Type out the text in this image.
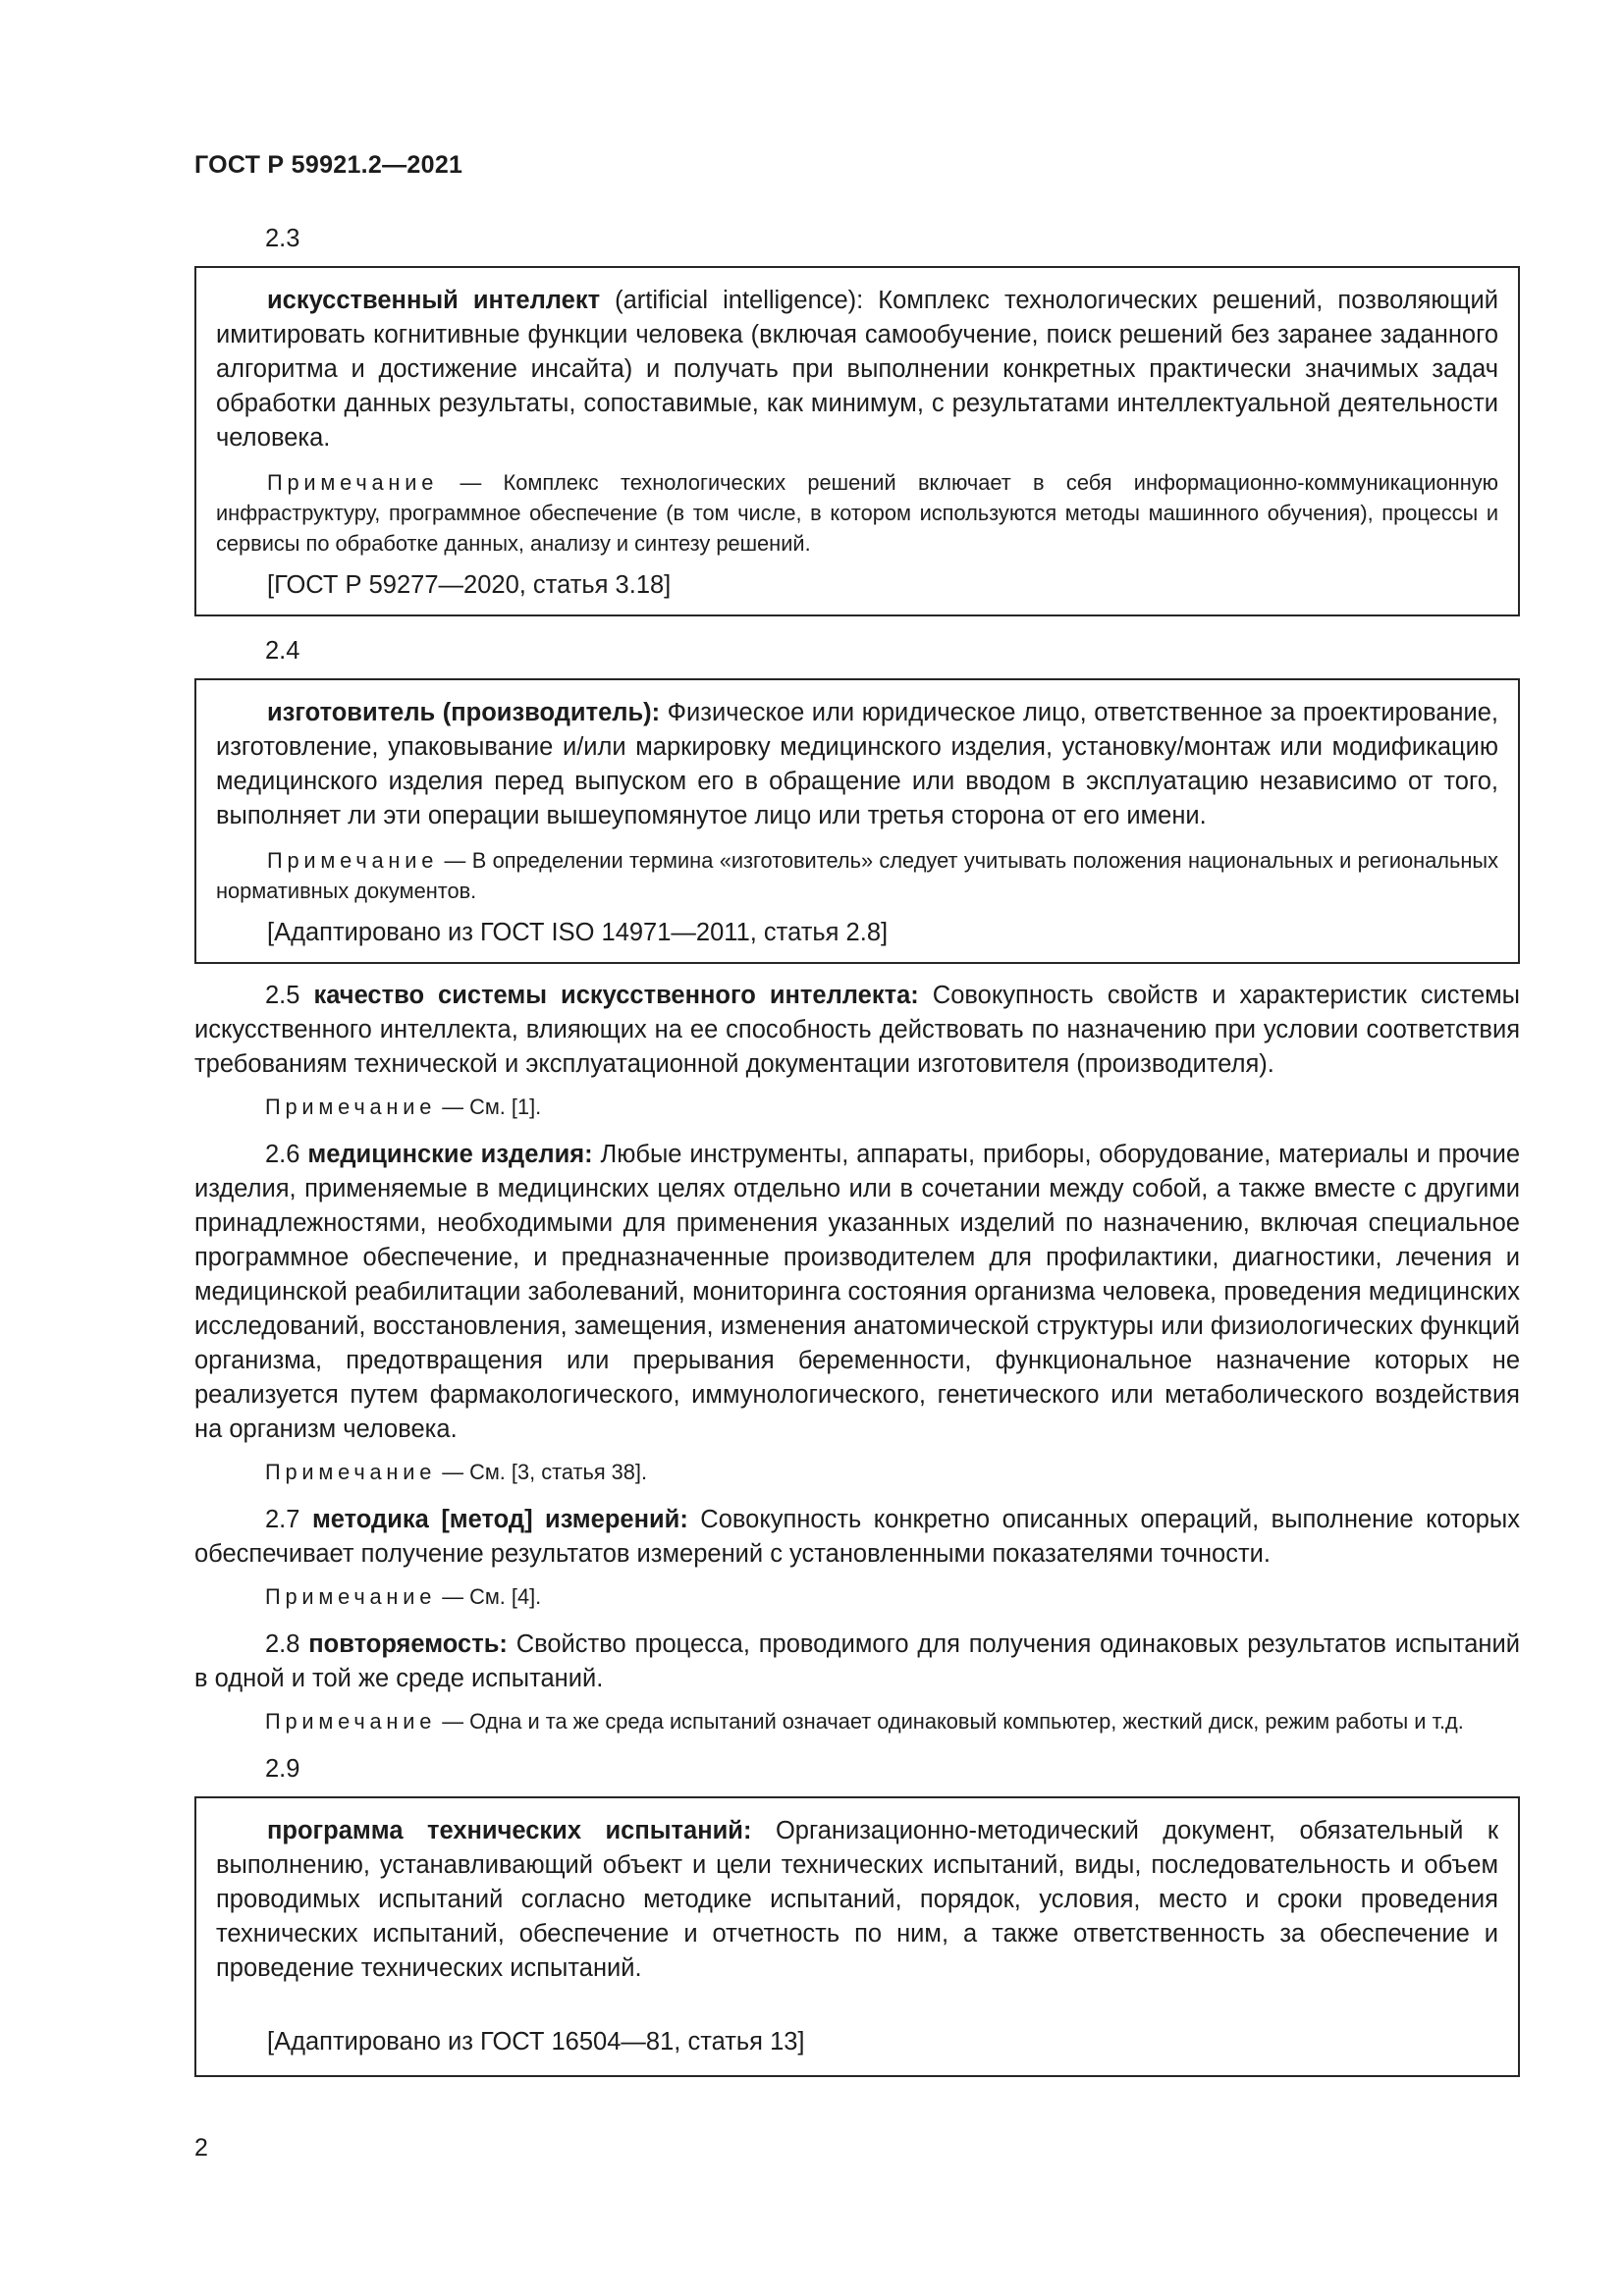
ГОСТ Р 59921.2—2021
2.3

искусственный интеллект (artificial intelligence): Комплекс технологических решений, позволяющий имитировать когнитивные функции человека (включая самообучение, поиск решений без заранее заданного алгоритма и достижение инсайта) и получать при выполнении конкретных практически значимых задач обработки данных результаты, сопоставимые, как минимум, с результатами интеллектуальной деятельности человека.

Примечание — Комплекс технологических решений включает в себя информационно-коммуникационную инфраструктуру, программное обеспечение (в том числе, в котором используются методы машинного обучения), процессы и сервисы по обработке данных, анализу и синтезу решений.

[ГОСТ Р 59277—2020, статья 3.18]

2.4

изготовитель (производитель): Физическое или юридическое лицо, ответственное за проектирование, изготовление, упаковывание и/или маркировку медицинского изделия, установку/монтаж или модификацию медицинского изделия перед выпуском его в обращение или вводом в эксплуатацию независимо от того, выполняет ли эти операции вышеупомянутое лицо или третья сторона от его имени.

Примечание — В определении термина «изготовитель» следует учитывать положения национальных и региональных нормативных документов.

[Адаптировано из ГОСТ ISO 14971—2011, статья 2.8]

2.5 качество системы искусственного интеллекта: Совокупность свойств и характеристик системы искусственного интеллекта, влияющих на ее способность действовать по назначению при условии соответствия требованиям технической и эксплуатационной документации изготовителя (производителя).

Примечание — См. [1].

2.6 медицинские изделия: Любые инструменты, аппараты, приборы, оборудование, материалы и прочие изделия, применяемые в медицинских целях отдельно или в сочетании между собой, а также вместе с другими принадлежностями, необходимыми для применения указанных изделий по назначению, включая специальное программное обеспечение, и предназначенные производителем для профилактики, диагностики, лечения и медицинской реабилитации заболеваний, мониторинга состояния организма человека, проведения медицинских исследований, восстановления, замещения, изменения анатомической структуры или физиологических функций организма, предотвращения или прерывания беременности, функциональное назначение которых не реализуется путем фармакологического, иммунологического, генетического или метаболического воздействия на организм человека.

Примечание — См. [3, статья 38].

2.7 методика [метод] измерений: Совокупность конкретно описанных операций, выполнение которых обеспечивает получение результатов измерений с установленными показателями точности.

Примечание — См. [4].

2.8 повторяемость: Свойство процесса, проводимого для получения одинаковых результатов испытаний в одной и той же среде испытаний.

Примечание — Одна и та же среда испытаний означает одинаковый компьютер, жесткий диск, режим работы и т.д.

2.9

программа технических испытаний: Организационно-методический документ, обязательный к выполнению, устанавливающий объект и цели технических испытаний, виды, последовательность и объем проводимых испытаний согласно методике испытаний, порядок, условия, место и сроки проведения технических испытаний, обеспечение и отчетность по ним, а также ответственность за обеспечение и проведение технических испытаний.

[Адаптировано из ГОСТ 16504—81, статья 13]

2
